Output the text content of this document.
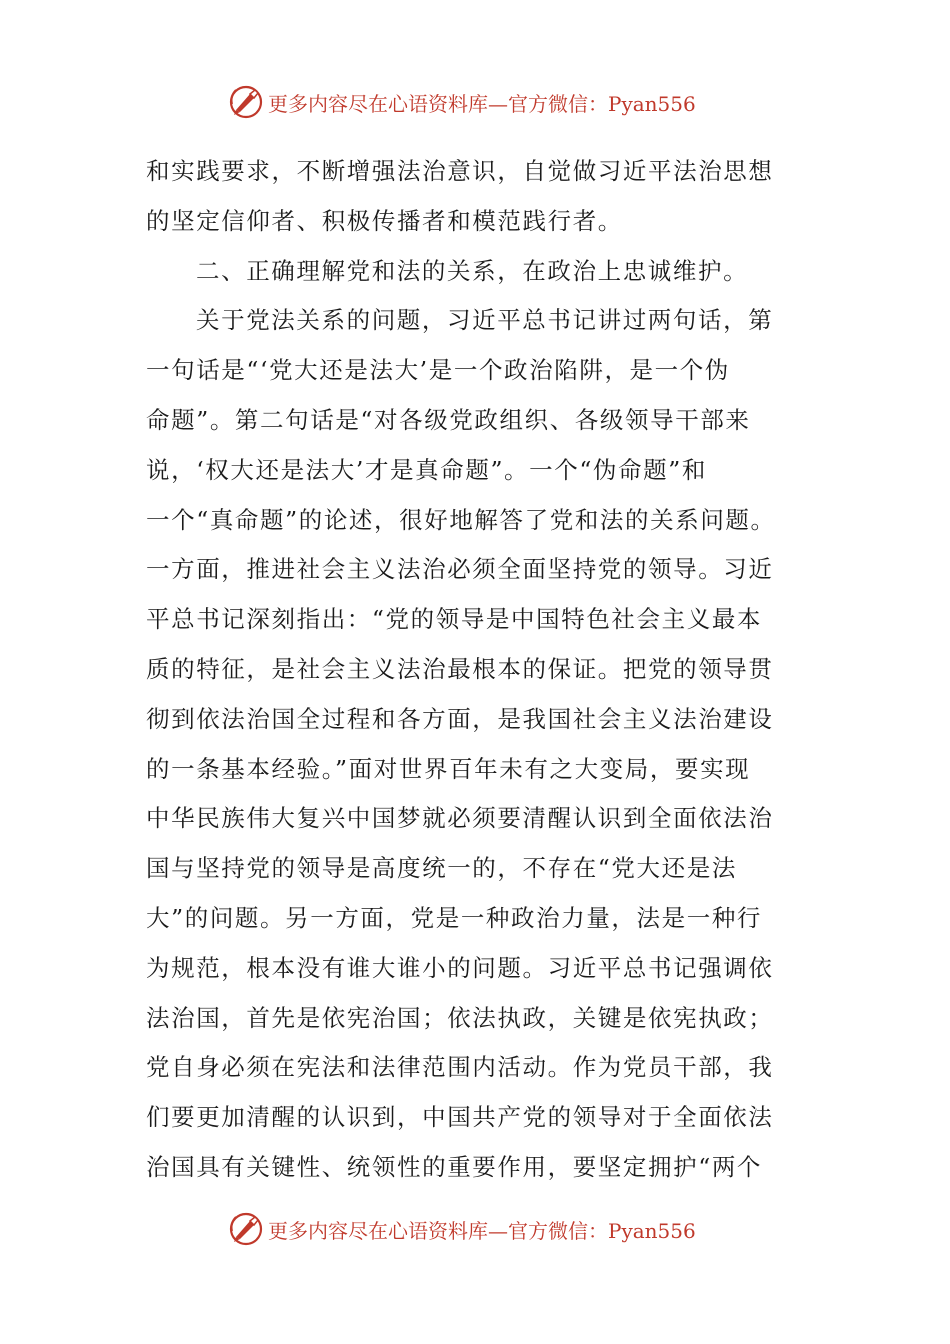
更多内容尽在心语资料库—官方微信：Pyan556
和实践要求，不断增强法治意识，自觉做习近平法治思想
的坚定信仰者、积极传播者和模范践行者。
二、正确理解党和法的关系，在政治上忠诚维护。
关于党法关系的问题，习近平总书记讲过两句话，第
一句话是“‘党大还是法大’是一个政治陷阱，是一个伪
命题”。第二句话是“对各级党政组织、各级领导干部来
说，‘权大还是法大’才是真命题”。一个“伪命题”和
一个“真命题”的论述，很好地解答了党和法的关系问题。
一方面，推进社会主义法治必须全面坚持党的领导。习近
平总书记深刻指出：“党的领导是中国特色社会主义最本
质的特征，是社会主义法治最根本的保证。把党的领导贯
彻到依法治国全过程和各方面，是我国社会主义法治建设
的一条基本经验。”面对世界百年未有之大变局，要实现
中华民族伟大复兴中国梦就必须要清醒认识到全面依法治
国与坚持党的领导是高度统一的，不存在“党大还是法
大”的问题。另一方面，党是一种政治力量，法是一种行
为规范，根本没有谁大谁小的问题。习近平总书记强调依
法治国，首先是依宪治国；依法执政，关键是依宪执政；
党自身必须在宪法和法律范围内活动。作为党员干部，我
们要更加清醒的认识到，中国共产党的领导对于全面依法
治国具有关键性、统领性的重要作用，要坚定拥护“两个
更多内容尽在心语资料库—官方微信：Pyan556
